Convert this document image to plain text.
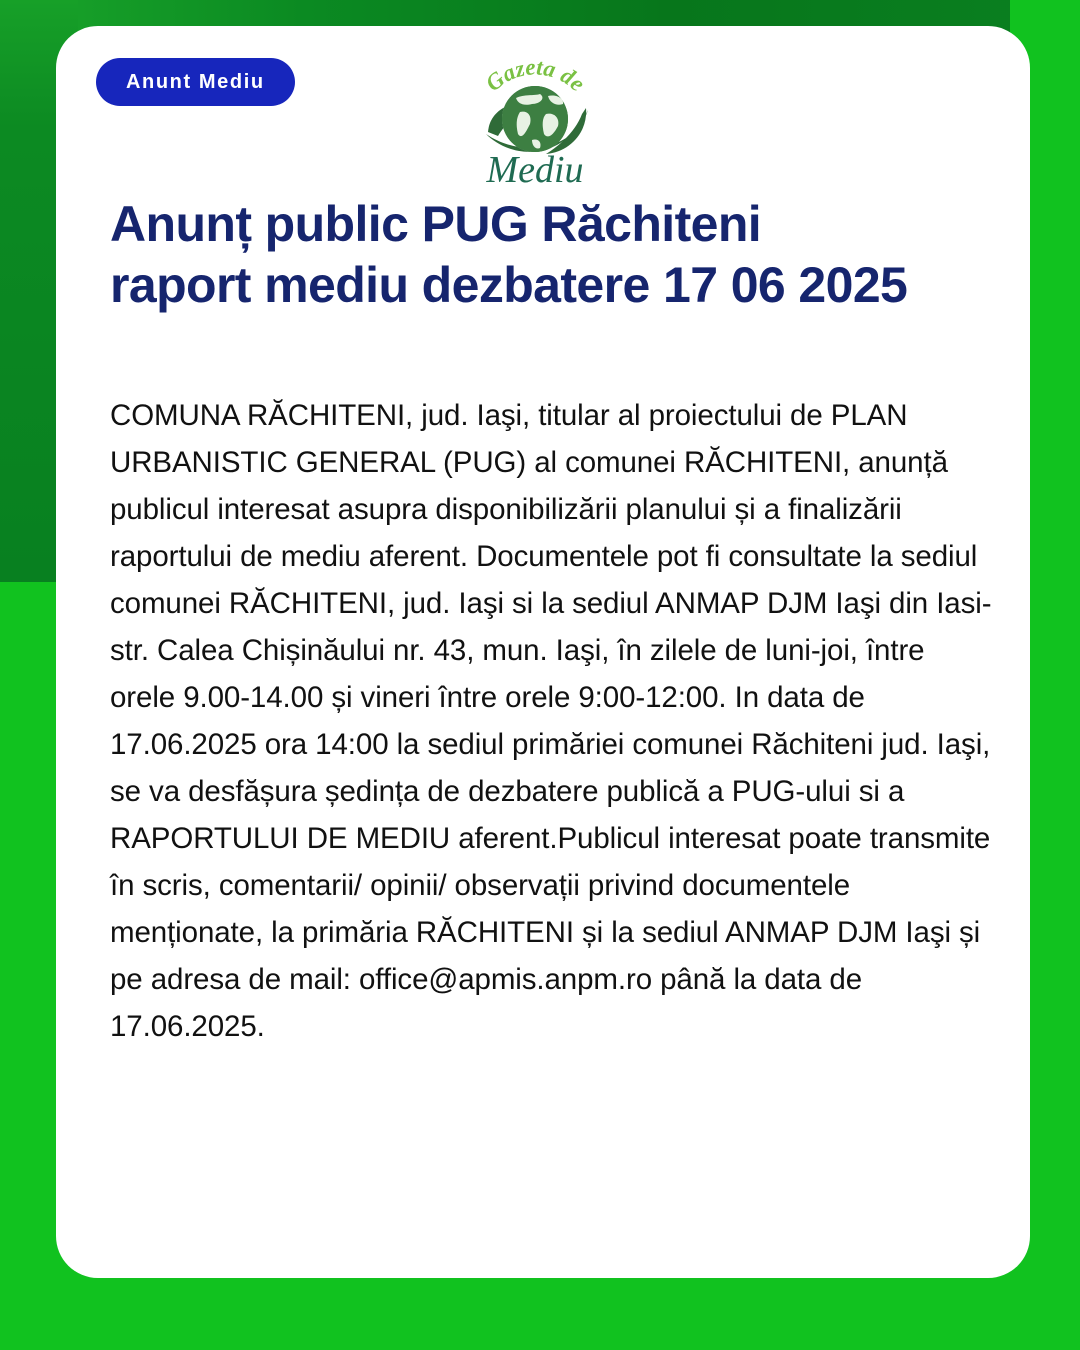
Anunt Mediu	Gazeta de
Mediu
Anunț public PUG Răchiteni
raport mediu dezbatere 17 06 2025
COMUNA RĂCHITENI, jud. Iaşi, titular al proiectului de PLAN URBANISTIC GENERAL (PUG) al comunei RĂCHITENI, anunță publicul interesat asupra disponibilizării planului și a finalizării raportului de mediu aferent. Documentele pot fi consultate la sediul comunei RĂCHITENI, jud. Iaşi si la sediul ANMAP DJM Iaşi din Iasi-str. Calea Chișinăului nr. 43, mun. Iaşi, în zilele de luni-joi, între orele 9.00-14.00 și vineri între orele 9:00-12:00. In data de 17.06.2025 ora 14:00 la sediul primăriei comunei Răchiteni jud. Iaşi, se va desfășura ședința de dezbatere publică a PUG-ului si a RAPORTULUI DE MEDIU aferent.Publicul interesat poate transmite în scris, comentarii/ opinii/ observații privind documentele menționate, la primăria RĂCHITENI și la sediul ANMAP DJM Iaşi și pe adresa de mail: office@apmis.anpm.ro până la data de 17.06.2025.
